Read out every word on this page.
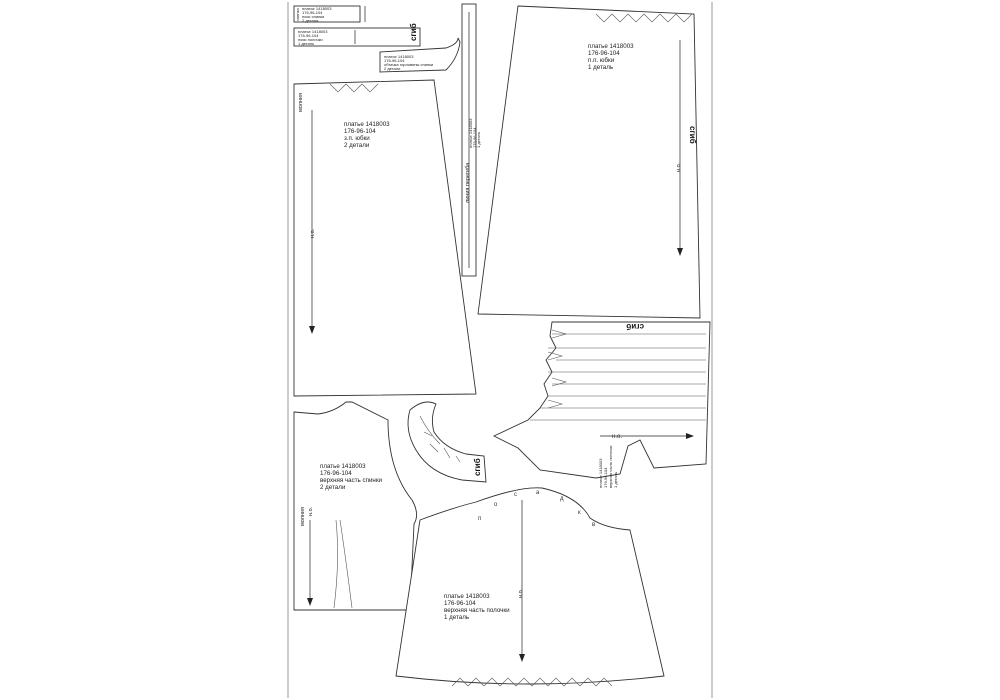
спинка платье 1418003
176-96-104
пояс спинки
2 детали
платье 1418003
176-96-104
пояс полочки
1 деталь
сгиб
платье 1418003
176-96-104
обтачка горловины спинки
2 детали
молния
н.о.
платье 1418003
176-96-104
з.п. юбки
2 детали
линия перегиба
платье 1418003 176-96-104 1 деталь
н.о.
сгиб
платье 1418003
176-96-104
п.п. юбки
1 деталь
н.о.
сгиб
платье 1418003 176-96-104 верхняя часть полочки 1 деталь
сгиб
молния н.о.
платье 1418003
176-96-104
верхняя часть спинки
2 детали
н.о.
п
о
с	а
д
к
в
платье 1418003
176-96-104
верхняя часть полочки
1 деталь
